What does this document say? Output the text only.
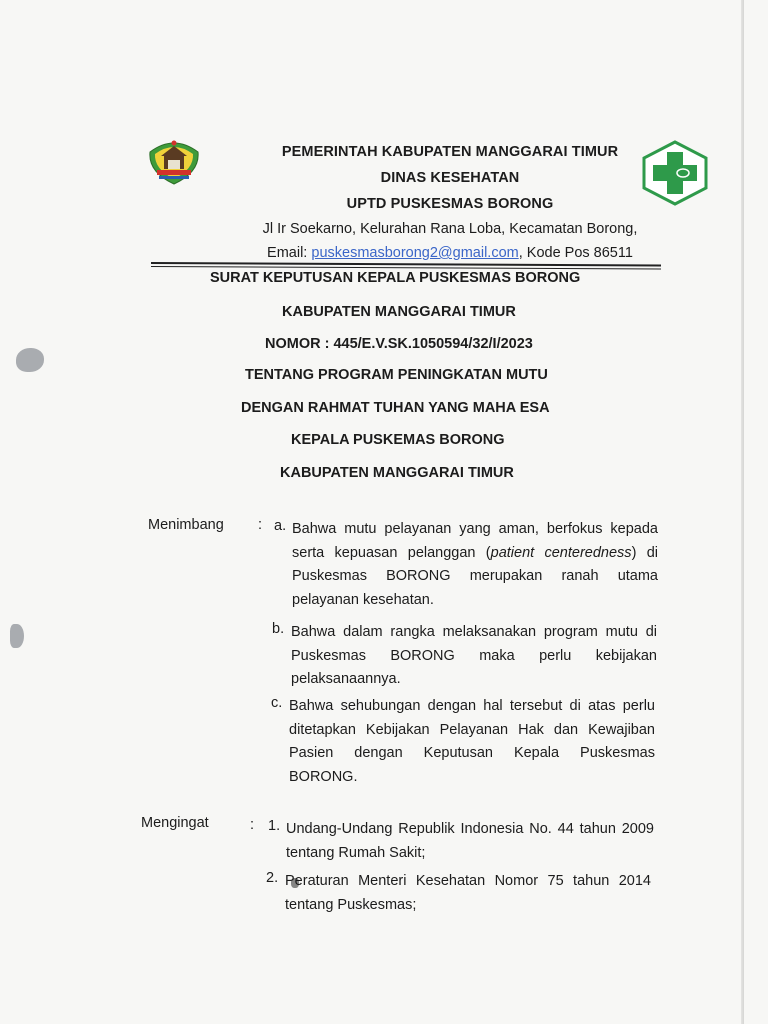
PEMERINTAH KABUPATEN MANGGARAI TIMUR
DINAS KESEHATAN
UPTD PUSKESMAS BORONG
Jl Ir Soekarno, Kelurahan Rana Loba, Kecamatan Borong,
Email: puskesmasborong2@gmail.com, Kode Pos 86511
SURAT KEPUTUSAN KEPALA PUSKESMAS BORONG
KABUPATEN MANGGARAI TIMUR
NOMOR : 445/E.V.SK.1050594/32/I/2023
TENTANG PROGRAM PENINGKATAN MUTU
DENGAN RAHMAT TUHAN YANG MAHA ESA
KEPALA PUSKEMAS BORONG
KABUPATEN MANGGARAI TIMUR
Menimbang : a. Bahwa mutu pelayanan yang aman, berfokus kepada serta kepuasan pelanggan (patient centeredness) di Puskesmas BORONG merupakan ranah utama pelayanan kesehatan.
b. Bahwa dalam rangka melaksanakan program mutu di Puskesmas BORONG maka perlu kebijakan pelaksanaannya.
c. Bahwa sehubungan dengan hal tersebut di atas perlu ditetapkan Kebijakan Pelayanan Hak dan Kewajiban Pasien dengan Keputusan Kepala Puskesmas BORONG.
Mengingat	: 1. Undang-Undang Republik Indonesia No. 44 tahun 2009 tentang Rumah Sakit;
2. Peraturan Menteri Kesehatan Nomor 75 tahun 2014 tentang Puskesmas;
